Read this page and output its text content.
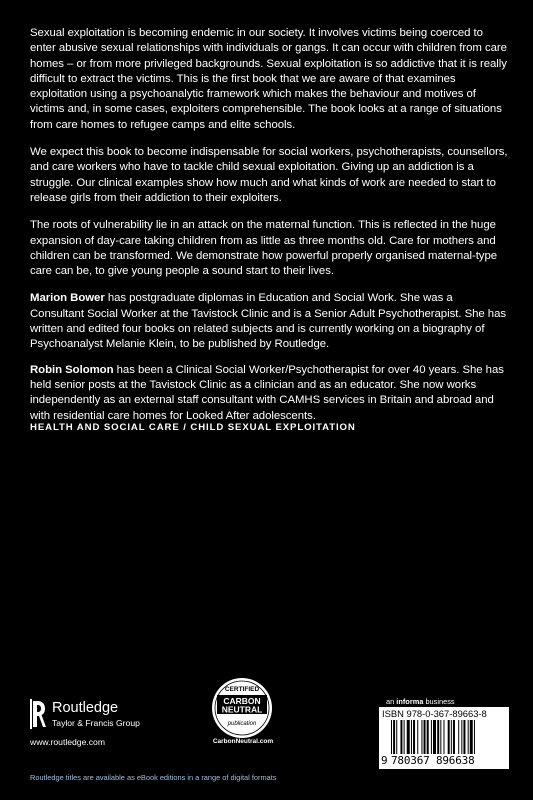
Sexual exploitation is becoming endemic in our society. It involves victims being coerced to enter abusive sexual relationships with individuals or gangs. It can occur with children from care homes – or from more privileged backgrounds. Sexual exploitation is so addictive that it is really difficult to extract the victims. This is the first book that we are aware of that examines exploitation using a psychoanalytic framework which makes the behaviour and motives of victims and, in some cases, exploiters comprehensible. The book looks at a range of situations from care homes to refugee camps and elite schools.

We expect this book to become indispensable for social workers, psychotherapists, counsellors, and care workers who have to tackle child sexual exploitation. Giving up an addiction is a struggle. Our clinical examples show how much and what kinds of work are needed to start to release girls from their addiction to their exploiters.

The roots of vulnerability lie in an attack on the maternal function. This is reflected in the huge expansion of day-care taking children from as little as three months old. Care for mothers and children can be transformed. We demonstrate how powerful properly organised maternal-type care can be, to give young people a sound start to their lives.

Marion Bower has postgraduate diplomas in Education and Social Work. She was a Consultant Social Worker at the Tavistock Clinic and is a Senior Adult Psychotherapist. She has written and edited four books on related subjects and is currently working on a biography of Psychoanalyst Melanie Klein, to be published by Routledge.

Robin Solomon has been a Clinical Social Worker/Psychotherapist for over 40 years. She has held senior posts at the Tavistock Clinic as a clinician and as an educator. She now works independently as an external staff consultant with CAMHS services in Britain and abroad and with residential care homes for Looked After adolescents.

HEALTH AND SOCIAL CARE / CHILD SEXUAL EXPLOITATION
Routledge
Taylor & Francis Group
www.routledge.com
CERTIFIED
CARBON
NEUTRAL
publication
CarbonNeutral.com
an informa business
ISBN 978-0-367-89663-8
9 780367 896638
Routledge titles are available as eBook editions in a range of digital formats
